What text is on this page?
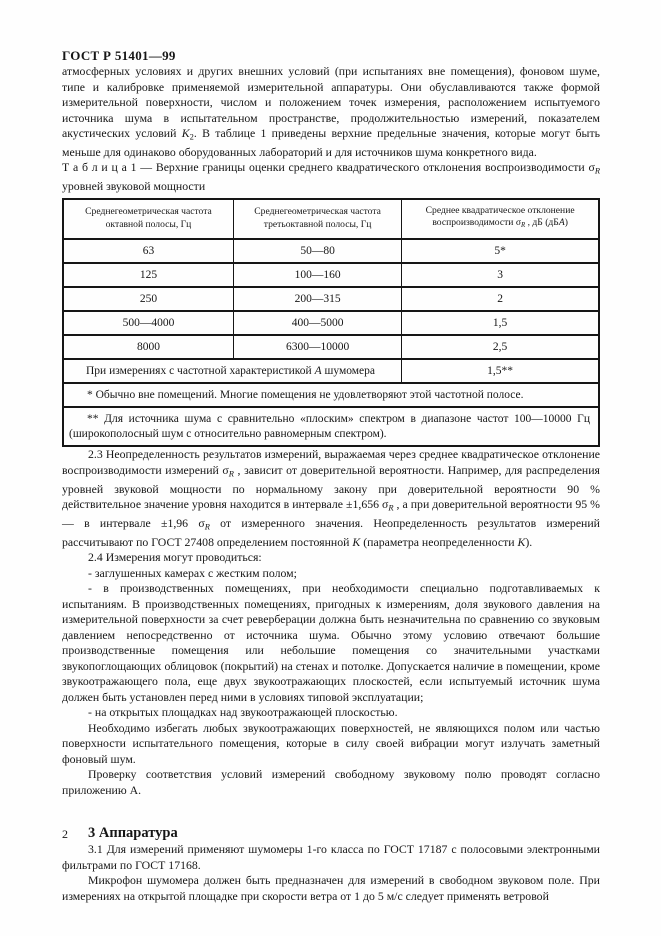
ГОСТ Р 51401—99

атмосферных условиях и других внешних условий (при испытаниях вне помещения), фоновом шуме, типе и калибровке применяемой измерительной аппаратуры. Они обуславливаются также формой измерительной поверхности, числом и положением точек измерения, расположением испытуемого источника шума в испытательном пространстве, продолжительностью измерений, показателем акустических условий $K_2$. В таблице 1 приведены верхние предельные значения, которые могут быть меньше для одинаково оборудованных лабораторий и для источников шума конкретного вида.

Т а б л и ц а 1 — Верхние границы оценки среднего квадратического отклонения воспроизводимости $\sigma_R$ уровней звуковой мощности

Среднегеометрическая частота октавной полосы, Гц	Среднегеометрическая частота третьоктавной полосы, Гц	Среднее квадратическое отклонение воспроизводимости $\sigma_R$ , дБ (дБА)
63	50—80	5*
125	100—160	3
250	200—315	2
500—4000	400—5000	1,5
8000	6300—10000	2,5
При измерениях с частотной характеристикой А шумомера		1,5**
* Обычно вне помещений. Многие помещения не удовлетворяют этой частотной полосе.		
** Для источника шума с сравнительно «плоским» спектром в диапазоне частот 100—10000 Гц (широкополосный шум с относительно равномерным спектром).		

2.3 Неопределенность результатов измерений, выражаемая через среднее квадратическое отклонение воспроизводимости измерений $\sigma_R$ , зависит от доверительной вероятности. Например, для распределения уровней звуковой мощности по нормальному закону при доверительной вероятности 90 % действительное значение уровня находится в интервале ±1,656 $\sigma_R$ , а при доверительной вероятности 95 % — в интервале ±1,96 $\sigma_R$ от измеренного значения. Неопределенность результатов измерений рассчитывают по ГОСТ 27408 определением постоянной K (параметра неопределенности K).

2.4 Измерения могут проводиться:

- заглушенных камерах с жестким полом;

- в производственных помещениях, при необходимости специально подготавливаемых к испытаниям. В производственных помещениях, пригодных к измерениям, доля звукового давления на измерительной поверхности за счет реверберации должна быть незначительна по сравнению со звуковым давлением непосредственно от источника шума. Обычно этому условию отвечают большие производственные помещения или небольшие помещения со значительными участками звукопоглощающих облицовок (покрытий) на стенах и потолке. Допускается наличие в помещении, кроме звукоотражающего пола, еще двух звукоотражающих плоскостей, если испытуемый источник шума должен быть установлен перед ними в условиях типовой эксплуатации;

- на открытых площадках над звукоотражающей плоскостью.

Необходимо избегать любых звукоотражающих поверхностей, не являющихся полом или частью поверхности испытательного помещения, которые в силу своей вибрации могут излучать заметный фоновый шум.

Проверку соответствия условий измерений свободному звуковому полю проводят согласно приложению А.

3 Аппаратура

3.1 Для измерений применяют шумомеры 1-го класса по ГОСТ 17187 с полосовыми электронными фильтрами по ГОСТ 17168.

Микрофон шумомера должен быть предназначен для измерений в свободном звуковом поле. При измерениях на открытой площадке при скорости ветра от 1 до 5 м/с следует применять ветровой

2
